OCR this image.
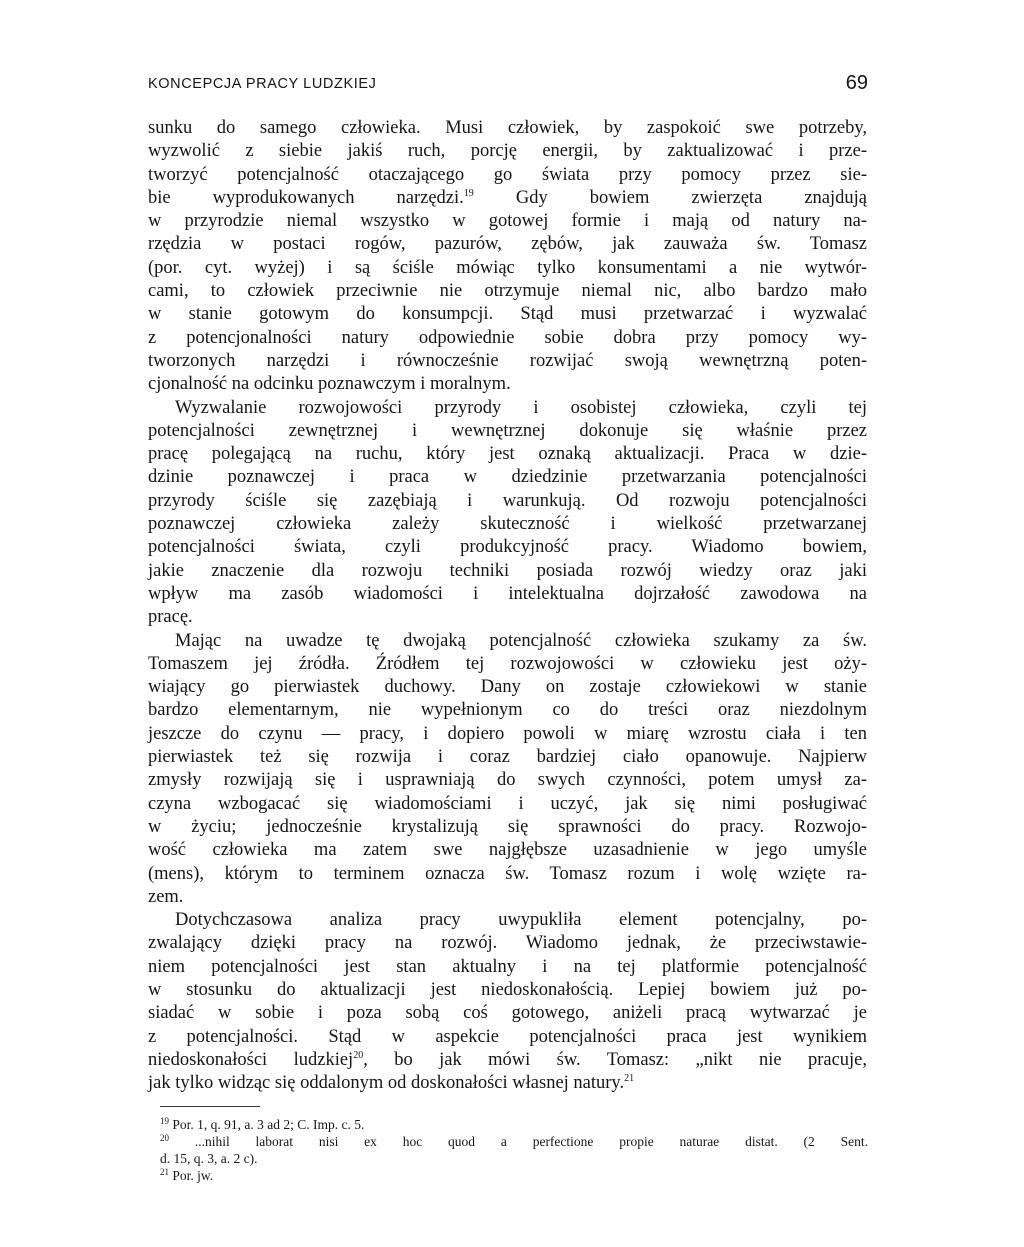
KONCEPCJA PRACY LUDZKIEJ	69
sunku do samego człowieka. Musi człowiek, by zaspokoić swe potrzeby,
wyzwolić z siebie jakiś ruch, porcję energii, by zaktualizować i prze-
tworzyć potencjalność otaczającego go świata przy pomocy przez sie-
bie wyprodukowanych narzędzi.$^{19}$ Gdy bowiem zwierzęta znajdują
w przyrodzie niemal wszystko w gotowej formie i mają od natury na-
rzędzia w postaci rogów, pazurów, zębów, jak zauważa św. Tomasz
(por. cyt. wyżej) i są ściśle mówiąc tylko konsumentami a nie wytwór-
cami, to człowiek przeciwnie nie otrzymuje niemal nic, albo bardzo mało
w stanie gotowym do konsumpcji. Stąd musi przetwarzać i wyzwalać
z potencjonalności natury odpowiednie sobie dobra przy pomocy wy-
tworzonych narzędzi i równocześnie rozwijać swoją wewnętrzną poten-
cjonalność na odcinku poznawczym i moralnym.
Wyzwalanie rozwojowości przyrody i osobistej człowieka, czyli tej
potencjalności zewnętrznej i wewnętrznej dokonuje się właśnie przez
pracę polegającą na ruchu, który jest oznaką aktualizacji. Praca w dzie-
dzinie poznawczej i praca w dziedzinie przetwarzania potencjalności
przyrody ściśle się zazębiają i warunkują. Od rozwoju potencjalności
poznawczej człowieka zależy skuteczność i wielkość przetwarzanej
potencjalności świata, czyli produkcyjność pracy. Wiadomo bowiem,
jakie znaczenie dla rozwoju techniki posiada rozwój wiedzy oraz jaki
wpływ ma zasób wiadomości i intelektualna dojrzałość zawodowa na
pracę.
Mając na uwadze tę dwojaką potencjalność człowieka szukamy za św.
Tomaszem jej źródła. Źródłem tej rozwojowości w człowieku jest oży-
wiający go pierwiastek duchowy. Dany on zostaje człowiekowi w stanie
bardzo elementarnym, nie wypełnionym co do treści oraz niezdolnym
jeszcze do czynu — pracy, i dopiero powoli w miarę wzrostu ciała i ten
pierwiastek też się rozwija i coraz bardziej ciało opanowuje. Najpierw
zmysły rozwijają się i usprawniają do swych czynności, potem umysł za-
czyna wzbogacać się wiadomościami i uczyć, jak się nimi posługiwać
w życiu; jednocześnie krystalizują się sprawności do pracy. Rozwojo-
wość człowieka ma zatem swe najgłębsze uzasadnienie w jego umyśle
(mens), którym to terminem oznacza św. Tomasz rozum i wolę wzięte ra-
zem.
Dotychczasowa analiza pracy uwypukliła element potencjalny, po-
zwalający dzięki pracy na rozwój. Wiadomo jednak, że przeciwstawie-
niem potencjalności jest stan aktualny i na tej platformie potencjalność
w stosunku do aktualizacji jest niedoskonałością. Lepiej bowiem już po-
siadać w sobie i poza sobą coś gotowego, aniżeli pracą wytwarzać je
z potencjalności. Stąd w aspekcie potencjalności praca jest wynikiem
niedoskonałości ludzkiej$^{20}$, bo jak mówi św. Tomasz: „nikt nie pracuje,
jak tylko widząc się oddalonym od doskonałości własnej natury.$^{21}$
$^{19}$ Por. 1, q. 91, a. 3 ad 2; C. Imp. c. 5.
$^{20}$ ...nihil laborat nisi ex hoc quod a perfectione propie naturae distat. (2 Sent.
d. 15, q. 3, a. 2 c).
$^{21}$ Por. jw.
